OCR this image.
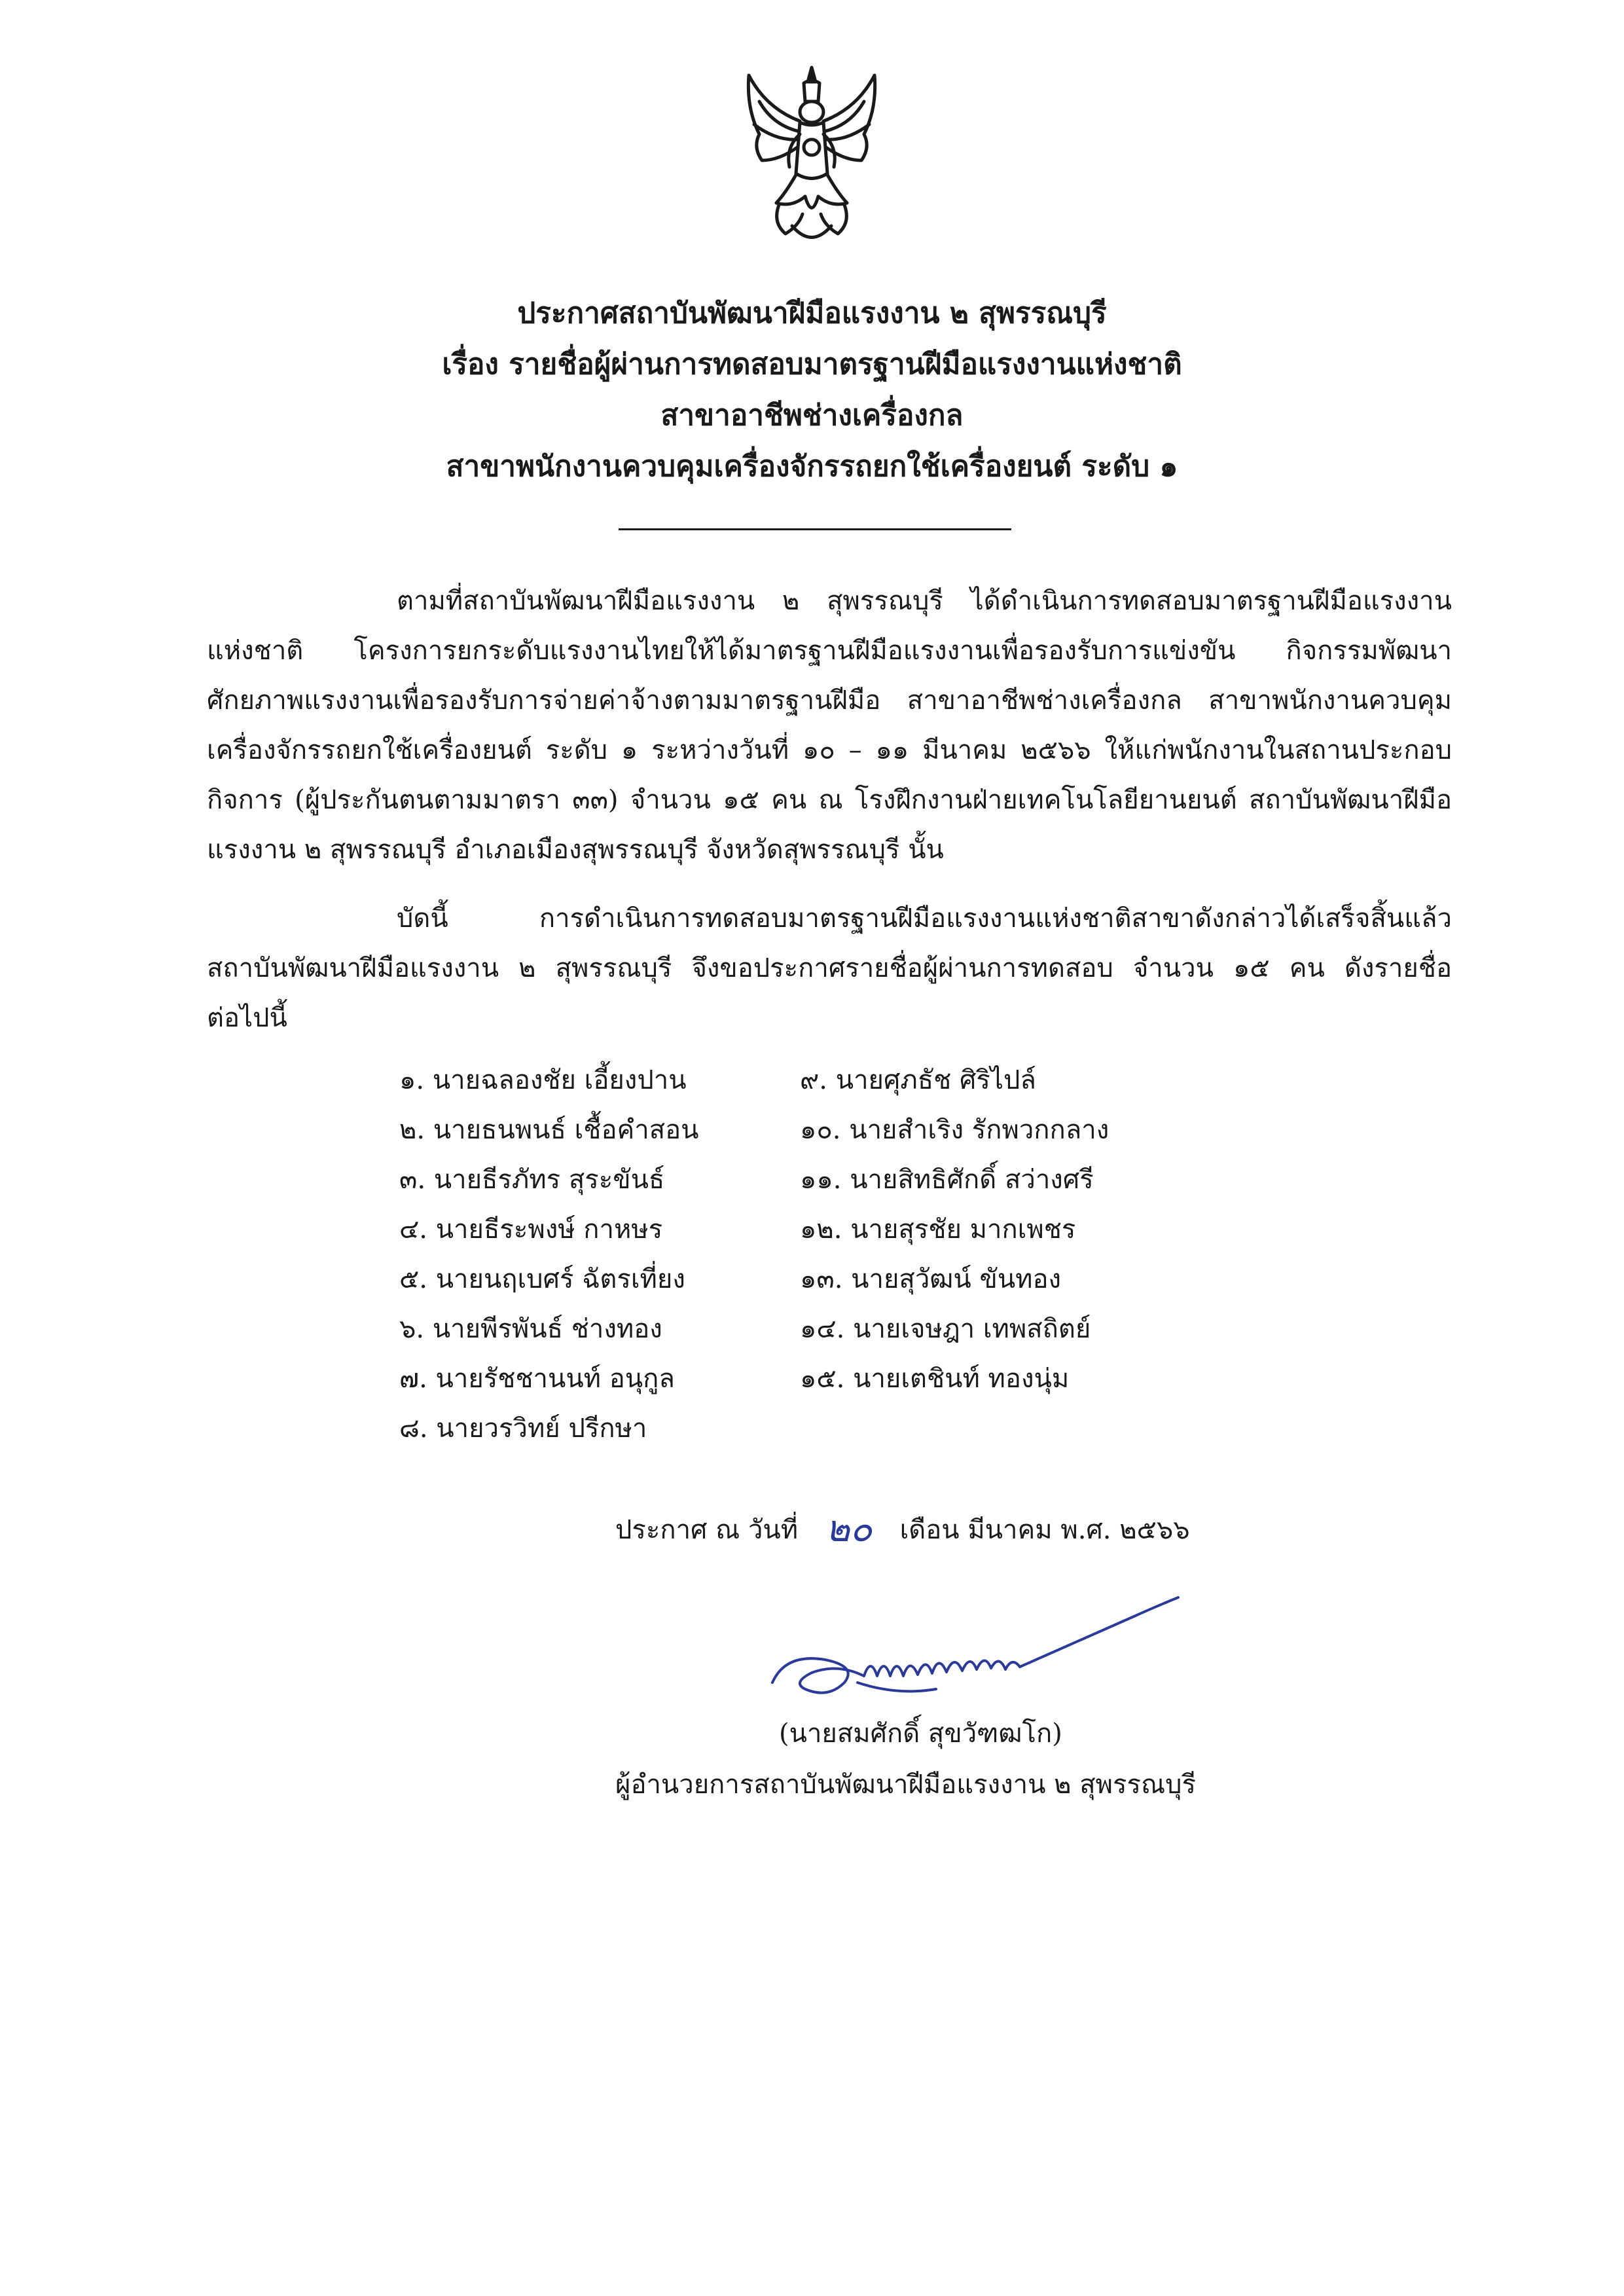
ประกาศสถาบันพัฒนาฝีมือแรงงาน ๒ สุพรรณบุรี
เรื่อง รายชื่อผู้ผ่านการทดสอบมาตรฐานฝีมือแรงงานแห่งชาติ
สาขาอาชีพช่างเครื่องกล
สาขาพนักงานควบคุมเครื่องจักรรถยกใช้เครื่องยนต์ ระดับ ๑
ตามที่สถาบันพัฒนาฝีมือแรงงาน ๒ สุพรรณบุรี ได้ดำเนินการทดสอบมาตรฐานฝีมือแรงงาน
แห่งชาติ โครงการยกระดับแรงงานไทยให้ได้มาตรฐานฝีมือแรงงานเพื่อรองรับการแข่งขัน กิจกรรมพัฒนา
ศักยภาพแรงงานเพื่อรองรับการจ่ายค่าจ้างตามมาตรฐานฝีมือ สาขาอาชีพช่างเครื่องกล สาขาพนักงานควบคุม
เครื่องจักรรถยกใช้เครื่องยนต์ ระดับ ๑ ระหว่างวันที่ ๑๐ – ๑๑ มีนาคม ๒๕๖๖ ให้แก่พนักงานในสถานประกอบ
กิจการ (ผู้ประกันตนตามมาตรา ๓๓) จำนวน ๑๕ คน ณ โรงฝึกงานฝ่ายเทคโนโลยียานยนต์ สถาบันพัฒนาฝีมือ
แรงงาน ๒ สุพรรณบุรี อำเภอเมืองสุพรรณบุรี จังหวัดสุพรรณบุรี นั้น
บัดนี้ การดำเนินการทดสอบมาตรฐานฝีมือแรงงานแห่งชาติสาขาดังกล่าวได้เสร็จสิ้นแล้ว
สถาบันพัฒนาฝีมือแรงงาน ๒ สุพรรณบุรี จึงขอประกาศรายชื่อผู้ผ่านการทดสอบ จำนวน ๑๕ คน ดังรายชื่อ
ต่อไปนี้
๑. นายฉลองชัย เอี้ยงปาน
๒. นายธนพนธ์ เชื้อคำสอน
๓. นายธีรภัทร สุระขันธ์
๔. นายธีระพงษ์ กาหษร
๕. นายนฤเบศร์ ฉัตรเที่ยง
๖. นายพีรพันธ์ ช่างทอง
๗. นายรัชชานนท์ อนุกูล
๘. นายวรวิทย์ ปรีกษา
๙. นายศุภธัช ศิริไปล์
๑๐. นายสำเริง รักพวกกลาง
๑๑. นายสิทธิศักดิ์ สว่างศรี
๑๒. นายสุรชัย มากเพชร
๑๓. นายสุวัฒน์ ขันทอง
๑๔. นายเจษฎา เทพสถิตย์
๑๕. นายเตชินท์ ทองนุ่ม
ประกาศ ณ วันที่ ๒๐ เดือน มีนาคม พ.ศ. ๒๕๖๖
(นายสมศักดิ์ สุขวัฑฒโก)
ผู้อำนวยการสถาบันพัฒนาฝีมือแรงงาน ๒ สุพรรณบุรี
